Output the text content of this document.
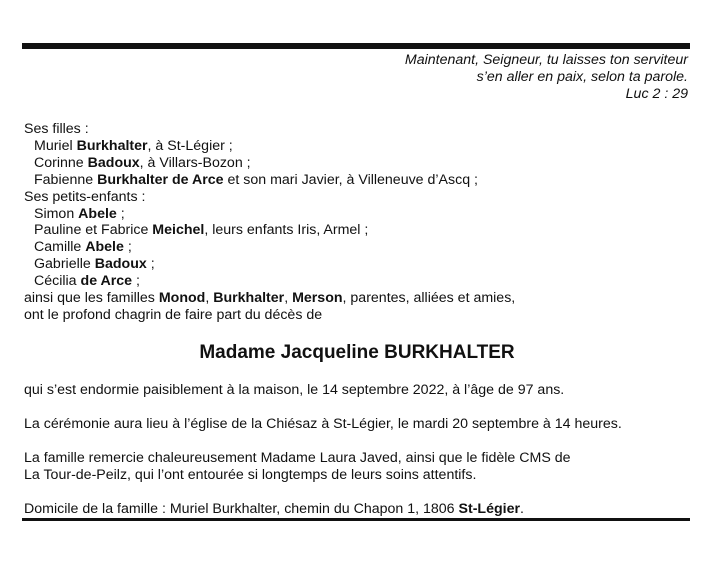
Maintenant, Seigneur, tu laisses ton serviteur
s’en aller en paix, selon ta parole.
Luc 2 : 29
Ses filles :
Muriel Burkhalter, à St-Légier ;
Corinne Badoux, à Villars-Bozon ;
Fabienne Burkhalter de Arce et son mari Javier, à Villeneuve d’Ascq ;
Ses petits-enfants :
Simon Abele ;
Pauline et Fabrice Meichel, leurs enfants Iris, Armel ;
Camille Abele ;
Gabrielle Badoux ;
Cécilia de Arce ;
ainsi que les familles Monod, Burkhalter, Merson, parentes, alliées et amies,
ont le profond chagrin de faire part du décès de
Madame Jacqueline BURKHALTER
qui s’est endormie paisiblement à la maison, le 14 septembre 2022, à l’âge de 97 ans.
La cérémonie aura lieu à l’église de la Chiésaz à St-Légier, le mardi 20 septembre à 14 heures.
La famille remercie chaleureusement Madame Laura Javed, ainsi que le fidèle CMS de
La Tour-de-Peilz, qui l’ont entourée si longtemps de leurs soins attentifs.
Domicile de la famille : Muriel Burkhalter, chemin du Chapon 1, 1806 St-Légier.
